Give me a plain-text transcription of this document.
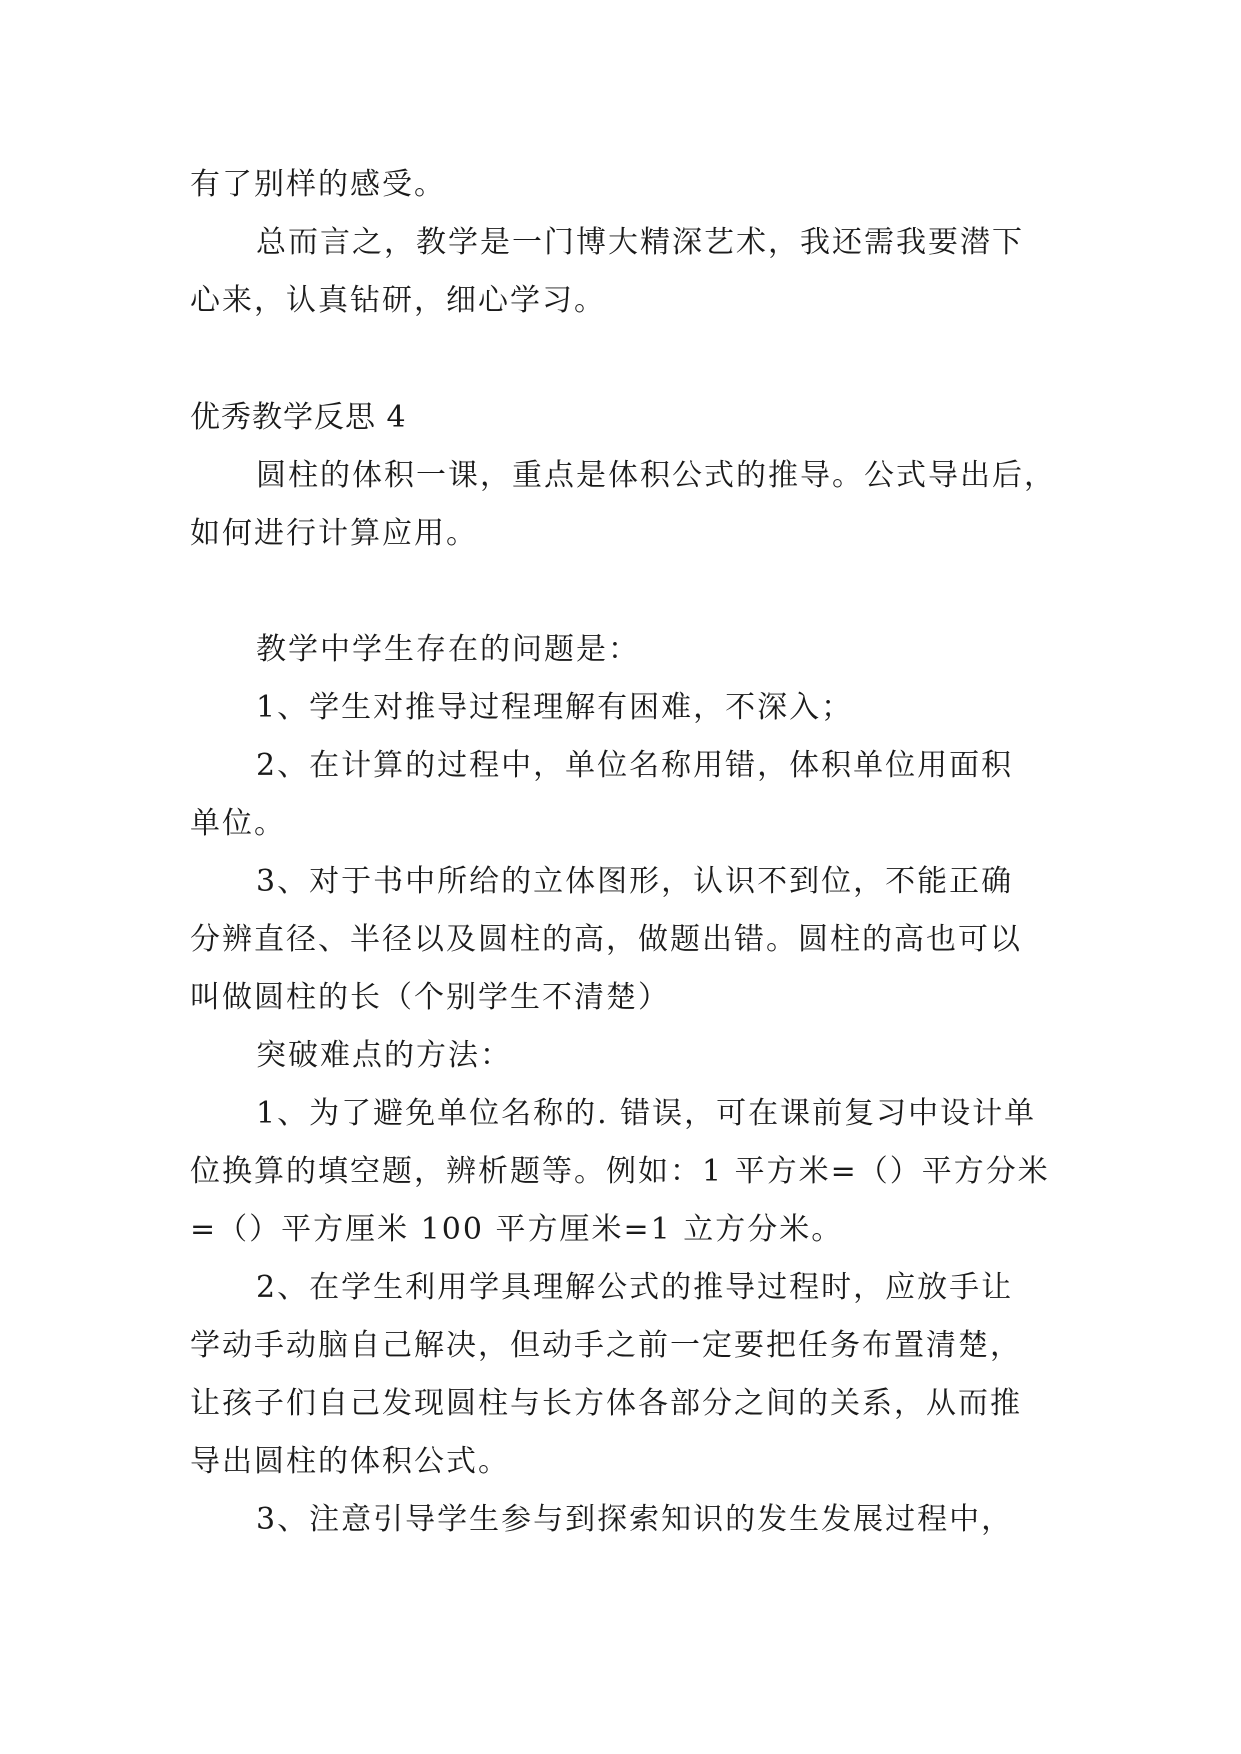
有了别样的感受。
总而言之，教学是一门博大精深艺术，我还需我要潜下
心来，认真钻研，细心学习。
优秀教学反思 4
圆柱的体积一课，重点是体积公式的推导。公式导出后，
如何进行计算应用。
教学中学生存在的问题是：
1、学生对推导过程理解有困难，不深入；
2、在计算的过程中，单位名称用错，体积单位用面积
单位。
3、对于书中所给的立体图形，认识不到位，不能正确
分辨直径、半径以及圆柱的高，做题出错。圆柱的高也可以
叫做圆柱的长（个别学生不清楚）
突破难点的方法：
1、为了避免单位名称的. 错误，可在课前复习中设计单
位换算的填空题，辨析题等。例如：1 平方米=（）平方分米
=（）平方厘米 100 平方厘米=1 立方分米。
2、在学生利用学具理解公式的推导过程时，应放手让
学动手动脑自己解决，但动手之前一定要把任务布置清楚，
让孩子们自己发现圆柱与长方体各部分之间的关系，从而推
导出圆柱的体积公式。
3、注意引导学生参与到探索知识的发生发展过程中，
